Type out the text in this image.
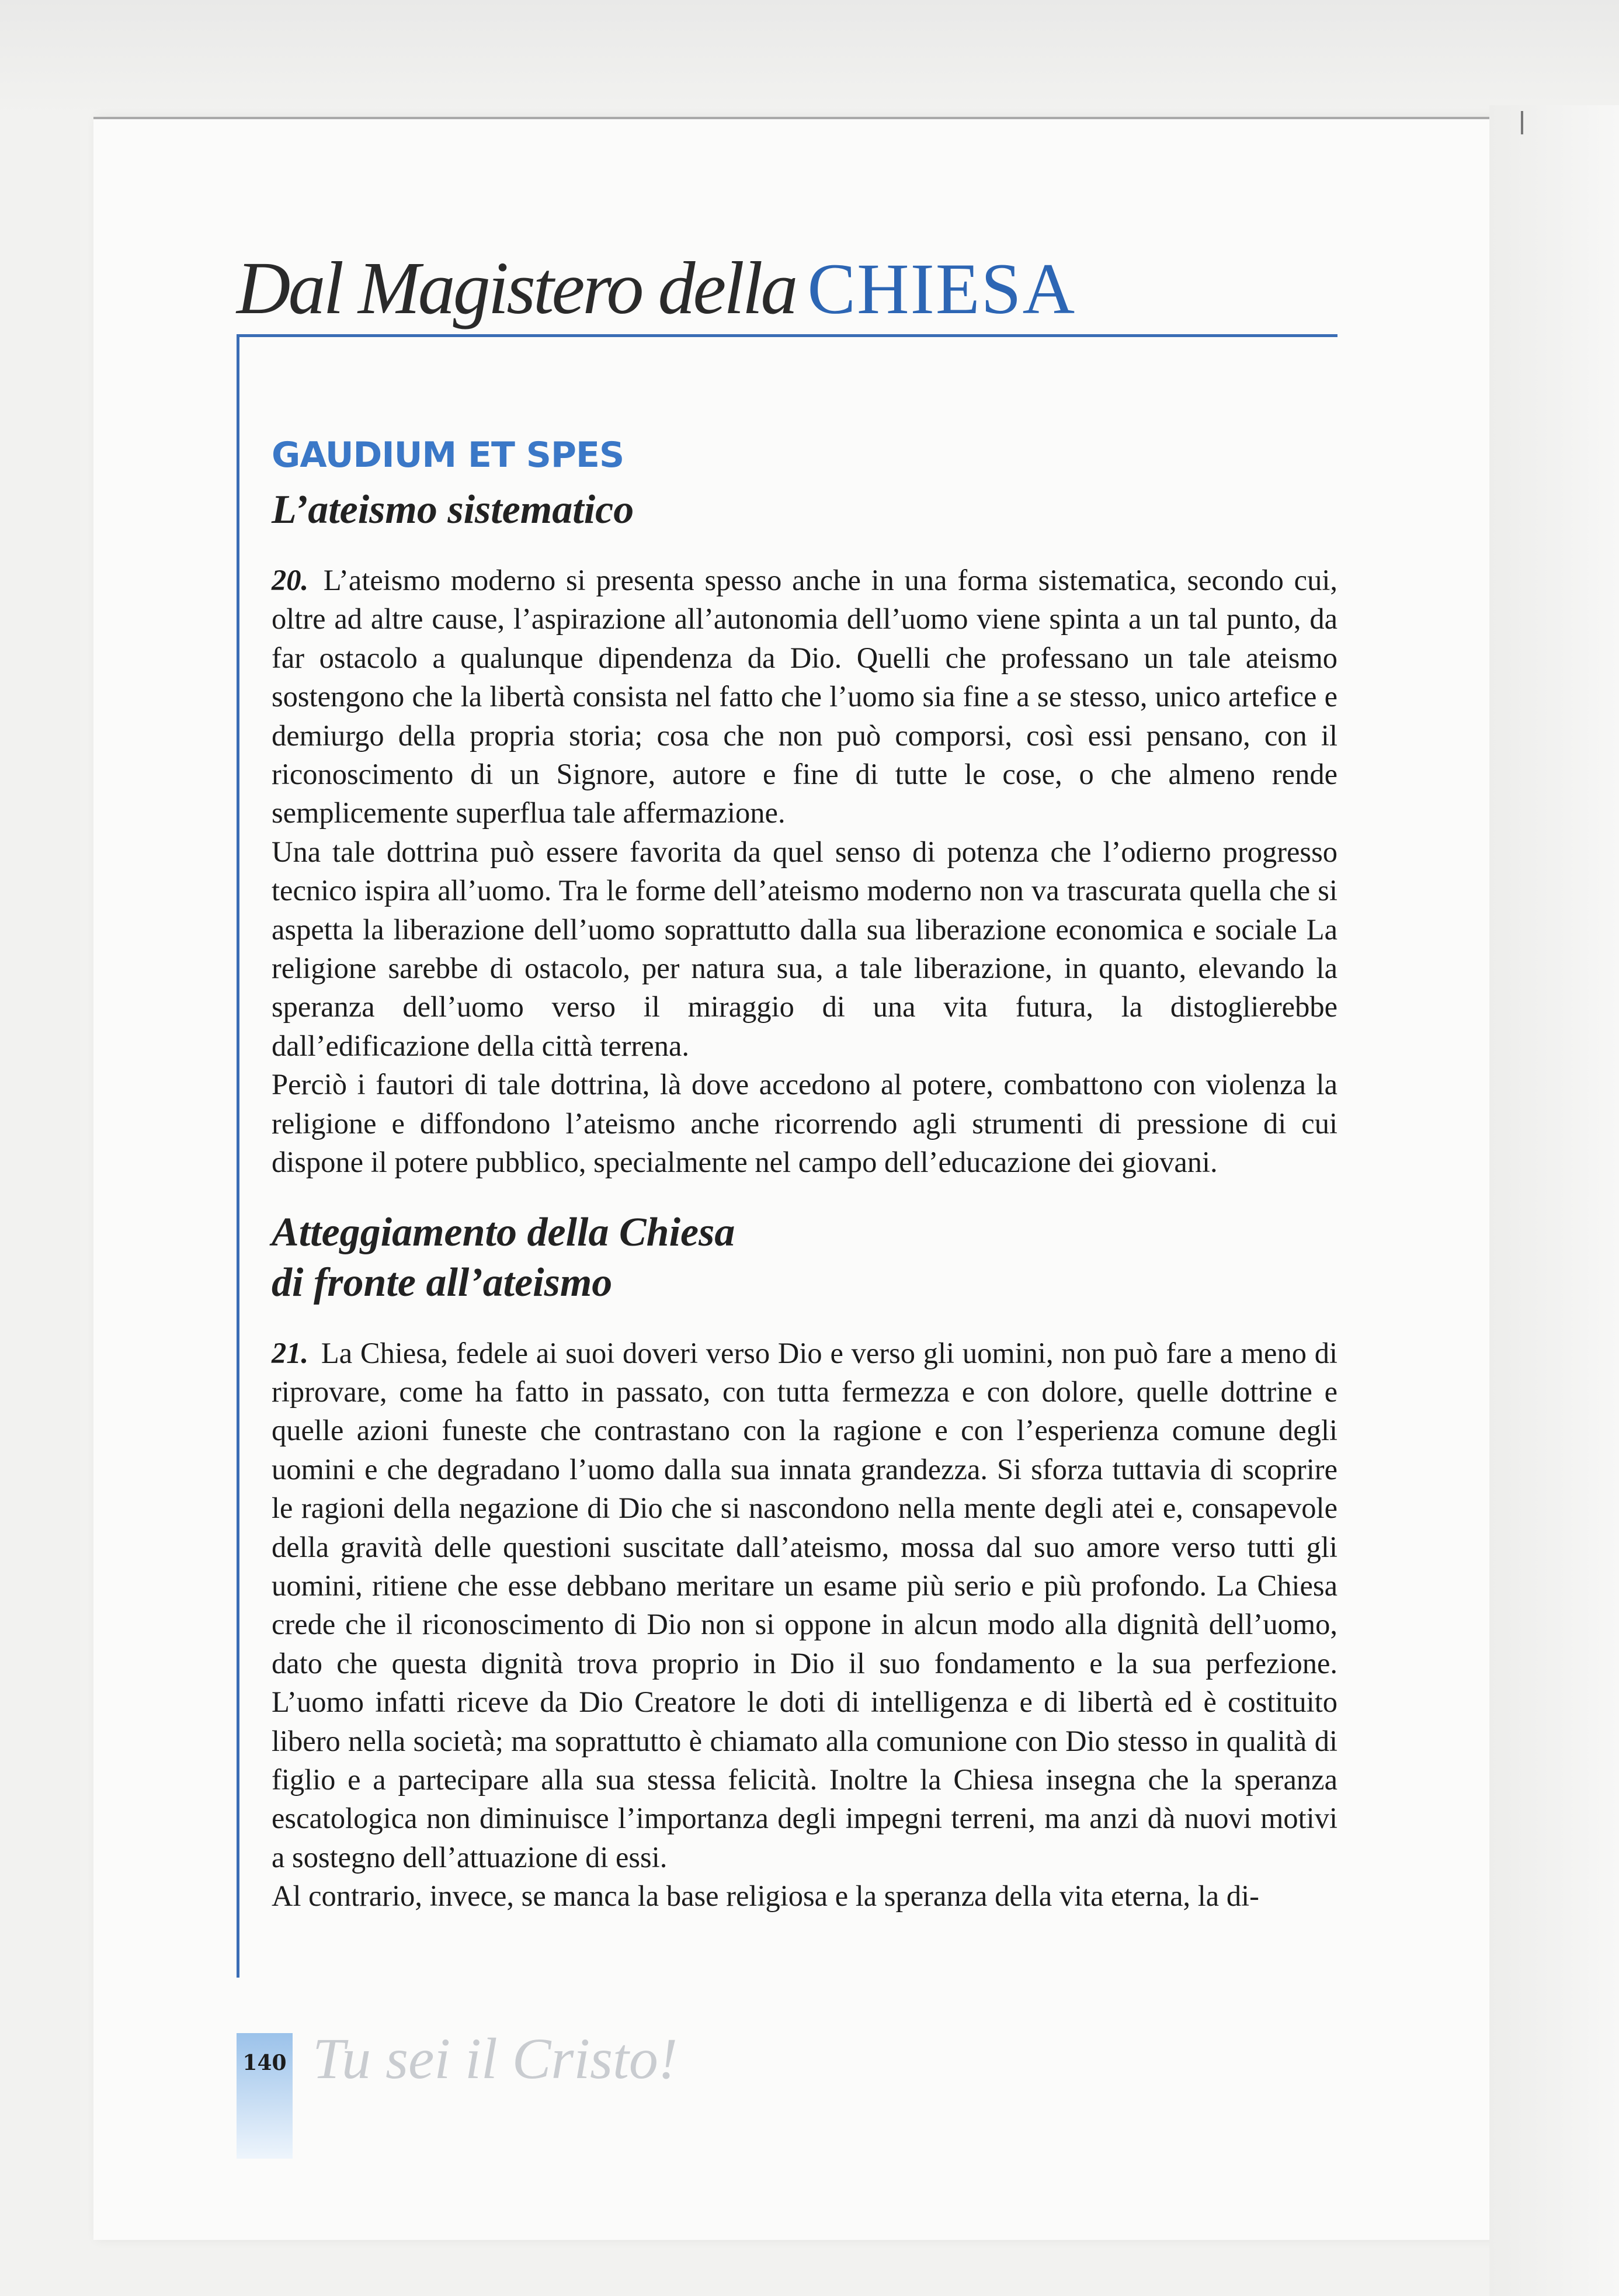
Dal Magistero della CHIESA
GAUDIUM ET SPES
L’ateismo sistematico

20. L’ateismo moderno si presenta spesso anche in una forma sistematica, secondo cui, oltre ad altre cause, l’aspirazione all’autonomia dell’uomo viene spinta a un tal punto, da far ostacolo a qualunque dipendenza da Dio. Quelli che professano un tale ateismo sostengono che la libertà consista nel fatto che l’uomo sia fine a se stesso, unico artefice e demiurgo della propria storia; cosa che non può comporsi, così essi pensano, con il riconoscimento di un Signore, autore e fine di tutte le cose, o che almeno rende semplicemente superflua tale affermazione.

Una tale dottrina può essere favorita da quel senso di potenza che l’odierno progresso tecnico ispira all’uomo. Tra le forme dell’ateismo moderno non va trascurata quella che si aspetta la liberazione dell’uomo soprattutto dalla sua liberazione economica e sociale La religione sarebbe di ostacolo, per natura sua, a tale liberazione, in quanto, elevando la speranza dell’uomo verso il miraggio di una vita futura, la distoglierebbe dall’edificazione della città terrena.

Perciò i fautori di tale dottrina, là dove accedono al potere, combattono con violenza la religione e diffondono l’ateismo anche ricorrendo agli strumenti di pressione di cui dispone il potere pubblico, specialmente nel campo dell’educazione dei giovani.

Atteggiamento della Chiesa
di fronte all’ateismo

21. La Chiesa, fedele ai suoi doveri verso Dio e verso gli uomini, non può fare a meno di riprovare, come ha fatto in passato, con tutta fermezza e con dolore, quelle dottrine e quelle azioni funeste che contrastano con la ragione e con l’esperienza comune degli uomini e che degradano l’uomo dalla sua innata grandezza. Si sforza tuttavia di scoprire le ragioni della negazione di Dio che si nascondono nella mente degli atei e, consapevole della gravità delle questioni suscitate dall’ateismo, mossa dal suo amore verso tutti gli uomini, ritiene che esse debbano meritare un esame più serio e più profondo. La Chiesa crede che il riconoscimento di Dio non si oppone in alcun modo alla dignità dell’uomo, dato che questa dignità trova proprio in Dio il suo fondamento e la sua perfezione. L’uomo infatti riceve da Dio Creatore le doti di intelligenza e di libertà ed è costituito libero nella società; ma soprattutto è chiamato alla comunione con Dio stesso in qualità di figlio e a partecipare alla sua stessa felicità. Inoltre la Chiesa insegna che la speranza escatologica non diminuisce l’importanza degli impegni terreni, ma anzi dà nuovi motivi a sostegno dell’attuazione di essi.

Al contrario, invece, se manca la base religiosa e la speranza della vita eterna, la di-

140 Tu sei il Cristo!
